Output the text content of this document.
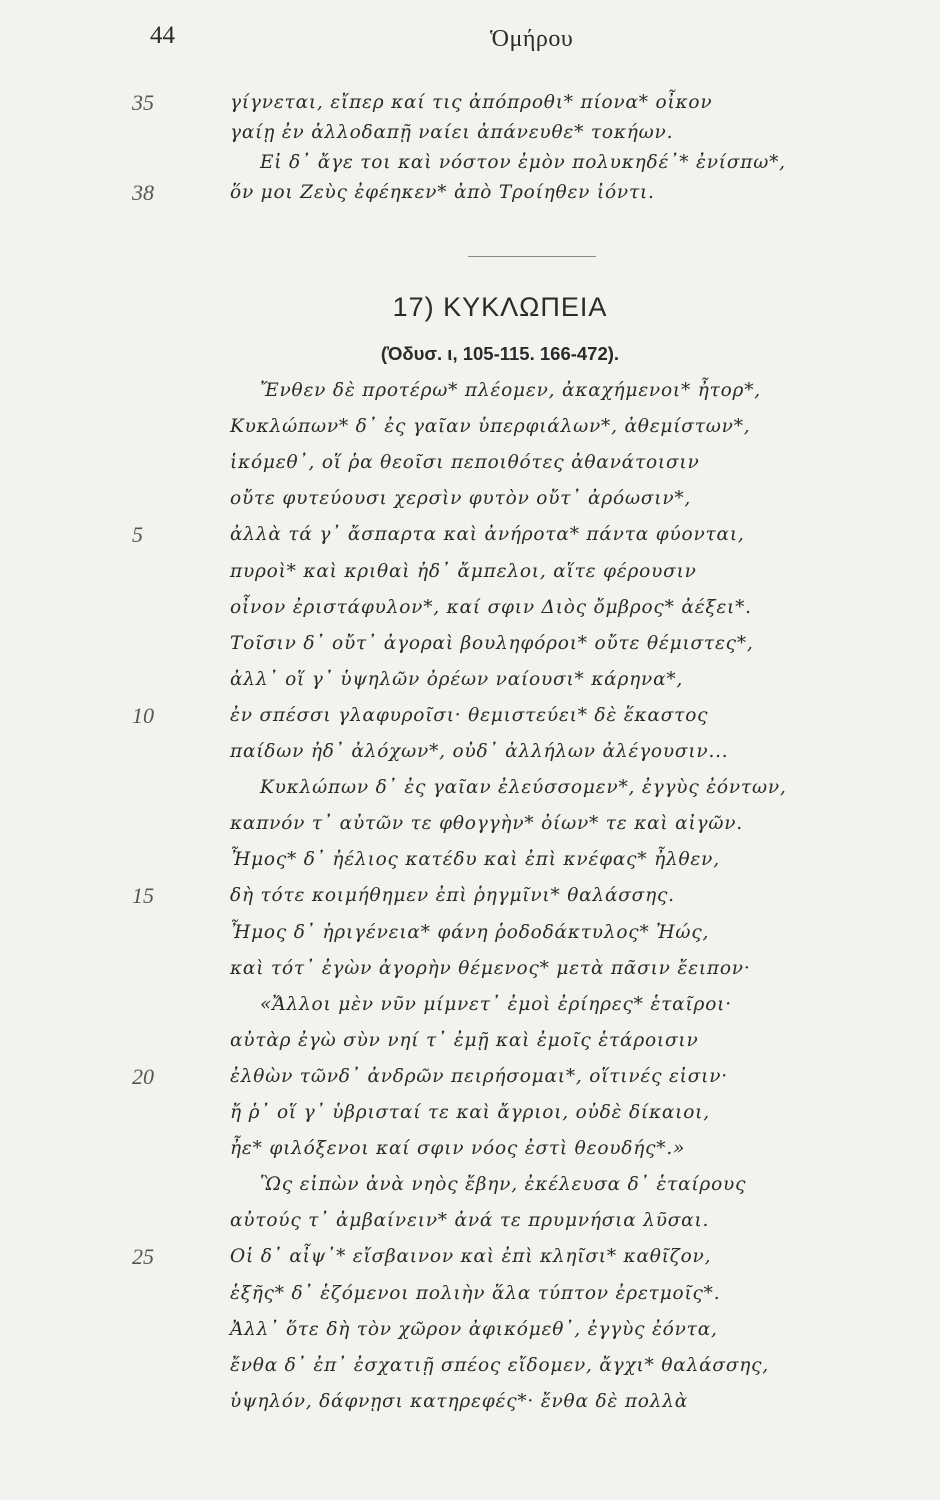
44	Ὁμήρου
35	γίγνεται, εἴπερ καί τις ἀπόπροθι* πίονα* οἶκον
γαίῃ ἐν ἀλλοδαπῇ ναίει ἀπάνευθε* τοκήων.
Εἰ δ᾿ ἄγε τοι καὶ νόστον ἐμὸν πολυκηδέ᾿* ἐνίσπω*,
38	ὅν μοι Ζεὺς ἐφέηκεν* ἀπὸ Τροίηθεν ἰόντι.
17) ΚΥΚΛΩΠΕΙΑ
(Ὀδυσ. ι, 105-115. 166-472).
Ἔνθεν δὲ προτέρω* πλέομεν, ἀκαχήμενοι* ἦτορ*,
Κυκλώπων* δ᾿ ἐς γαῖαν ὑπερφιάλων*, ἀθεμίστων*,
ἱκόμεθ᾿, οἵ ῥα θεοῖσι πεποιθότες ἀθανάτοισιν
οὔτε φυτεύουσι χερσὶν φυτὸν οὔτ᾿ ἀρόωσιν*,
5	ἀλλὰ τά γ᾿ ἄσπαρτα καὶ ἀνήροτα* πάντα φύονται,
πυροὶ* καὶ κριθαὶ ἠδ᾿ ἄμπελοι, αἵτε φέρουσιν
οἶνον ἐριστάφυλον*, καί σφιν Διὸς ὄμβρος* ἀέξει*.
Τοῖσιν δ᾿ οὔτ᾿ ἀγοραὶ βουληφόροι* οὔτε θέμιστες*,
ἀλλ᾿ οἵ γ᾿ ὑψηλῶν ὀρέων ναίουσι* κάρηνα*,
10	ἐν σπέσσι γλαφυροῖσι· θεμιστεύει* δὲ ἕκαστος
παίδων ἠδ᾿ ἀλόχων*, οὐδ᾿ ἀλλήλων ἀλέγουσιν...
Κυκλώπων δ᾿ ἐς γαῖαν ἐλεύσσομεν*, ἐγγὺς ἐόντων,
καπνόν τ᾿ αὐτῶν τε φθογγὴν* ὀίων* τε καὶ αἰγῶν.
Ἦμος* δ᾿ ἠέλιος κατέδυ καὶ ἐπὶ κνέφας* ἦλθεν,
15	δὴ τότε κοιμήθημεν ἐπὶ ῥηγμῖνι* θαλάσσης.
Ἦμος δ᾿ ἠριγένεια* φάνη ῥοδοδάκτυλος* Ἠώς,
καὶ τότ᾿ ἐγὼν ἀγορὴν θέμενος* μετὰ πᾶσιν ἔειπον·
«Ἄλλοι μὲν νῦν μίμνετ᾿ ἐμοὶ ἐρίηρες* ἑταῖροι·
αὐτὰρ ἐγὼ σὺν νηί τ᾿ ἐμῇ καὶ ἐμοῖς ἑτάροισιν
20	ἐλθὼν τῶνδ᾿ ἀνδρῶν πειρήσομαι*, οἵτινές εἰσιν·
ἤ ῥ᾿ οἵ γ᾿ ὑβρισταί τε καὶ ἄγριοι, οὐδὲ δίκαιοι,
ἦε* φιλόξενοι καί σφιν νόος ἐστὶ θεουδής*.»
Ὣς εἰπὼν ἀνὰ νηὸς ἔβην, ἐκέλευσα δ᾿ ἑταίρους
αὐτούς τ᾿ ἀμβαίνειν* ἀνά τε πρυμνήσια λῦσαι.
25	Οἱ δ᾿ αἶψ᾿* εἴσβαινον καὶ ἐπὶ κληῖσι* καθῖζον,
ἑξῆς* δ᾿ ἑζόμενοι πολιὴν ἅλα τύπτον ἐρετμοῖς*.
Ἀλλ᾿ ὅτε δὴ τὸν χῶρον ἀφικόμεθ᾿, ἐγγὺς ἐόντα,
ἔνθα δ᾿ ἐπ᾿ ἐσχατιῇ σπέος εἴδομεν, ἄγχι* θαλάσσης,
ὑψηλόν, δάφνῃσι κατηρεφές*· ἔνθα δὲ πολλὰ
